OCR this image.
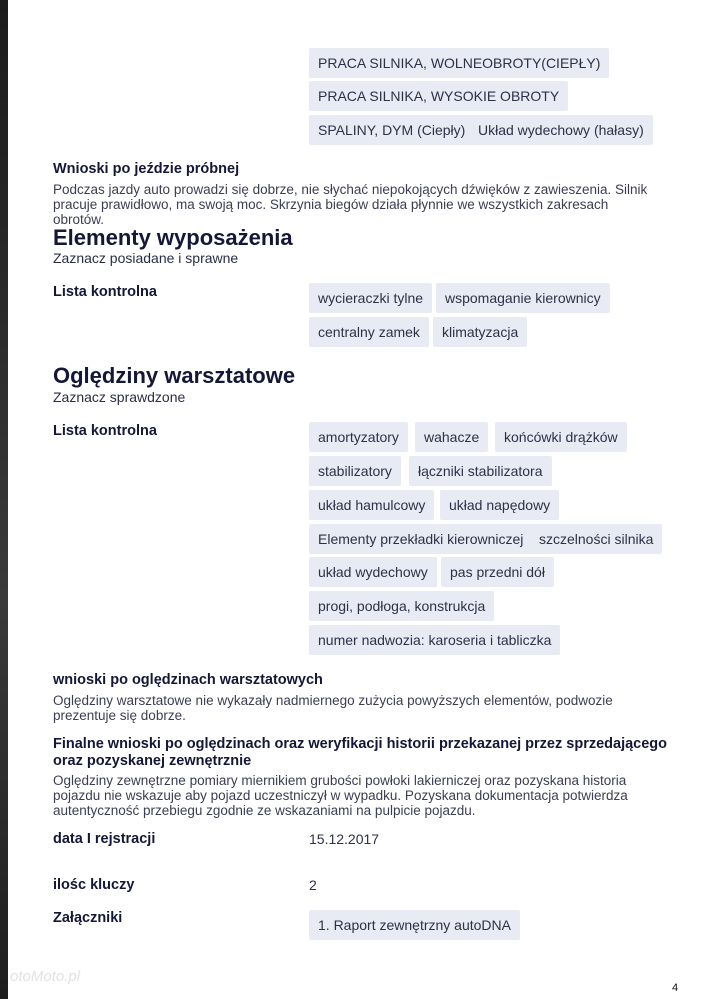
PRACA SILNIKA, WOLNEOBROTY(CIEPŁY)
PRACA SILNIKA, WYSOKIE OBROTY
SPALINY, DYM (Ciepły) Układ wydechowy (hałasy)
Wnioski po jeździe próbnej
Podczas jazdy auto prowadzi się dobrze, nie słychać niepokojących dźwięków z zawieszenia. Silnik pracuje prawidłowo, ma swoją moc. Skrzynia biegów działa płynnie we wszystkich zakresach obrotów.
Elementy wyposażenia
Zaznacz posiadane i sprawne
Lista kontrolna	wycieraczki tylne	wspomaganie kierownicy
centralny zamek	klimatyzacja
Oględziny warsztatowe
Zaznacz sprawdzone
Lista kontrolna	amortyzatory	wahacze	końcówki drążków
stabilizatory	łączniki stabilizatora
układ hamulcowy	układ napędowy
Elementy przekładki kierowniczej	szczelności silnika
układ wydechowy	pas przedni dół
progi, podłoga, konstrukcja
numer nadwozia: karoseria i tabliczka
wnioski po oględzinach warsztatowych
Oględziny warsztatowe nie wykazały nadmiernego zużycia powyższych elementów, podwozie prezentuje się dobrze.
Finalne wnioski po oględzinach oraz weryfikacji historii przekazanej przez sprzedającego oraz pozyskanej zewnętrznie
Oględziny zewnętrzne pomiary miernikiem grubości powłoki lakierniczej oraz pozyskana historia pojazdu nie wskazuje aby pojazd uczestniczył w wypadku. Pozyskana dokumentacja potwierdza autentyczność przebiegu zgodnie ze wskazaniami na pulpicie pojazdu.
data I rejstracji	15.12.2017
ilośc kluczy	2
Załączniki	1. Raport zewnętrzny autoDNA
otoMoto.pl
4
